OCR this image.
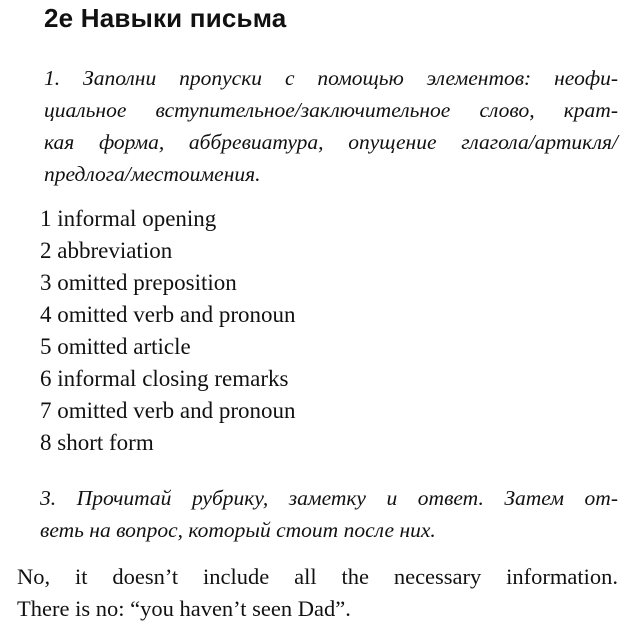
2e Навыки письма

1. Заполни пропуски с помощью элементов: неофи-
циальное вступительное/заключительное слово, крат-
кая форма, аббревиатура, опущение глагола/артикля/
предлога/местоимения.

1 informal opening
2 abbreviation
3 omitted preposition
4 omitted verb and pronoun
5 omitted article
6 informal closing remarks
7 omitted verb and pronoun
8 short form

3. Прочитай рубрику, заметку и ответ. Затем от-
веть на вопрос, который стоит после них.

No, it doesn’t include all the necessary information.
There is no: “you haven’t seen Dad”.
